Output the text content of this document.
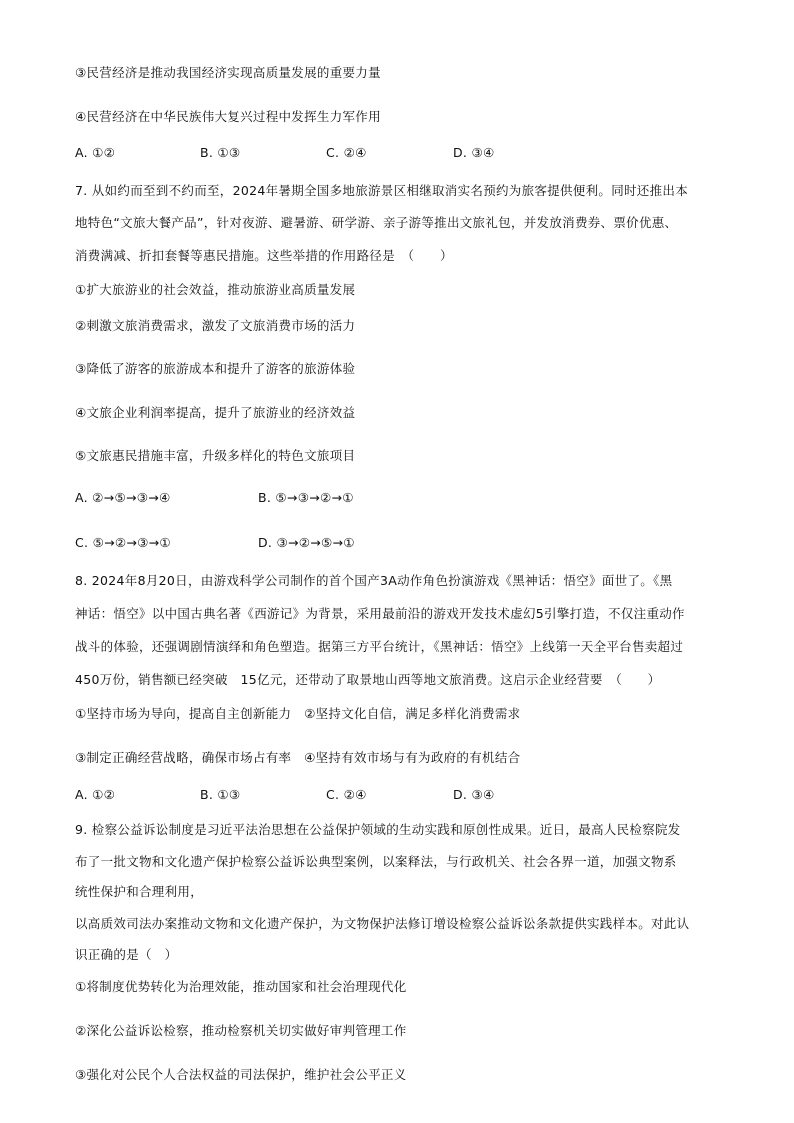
③民营经济是推动我国经济实现高质量发展的重要力量
④民营经济在中华民族伟大复兴过程中发挥生力军作用
A. ①②	B. ①③	C. ②④	D. ③④
7. 从如约而至到不约而至，2024年暑期全国多地旅游景区相继取消实名预约为旅客提供便利。同时还推出本
地特色“文旅大餐产品”，针对夜游、避暑游、研学游、亲子游等推出文旅礼包，并发放消费券、票价优惠、
消费满减、折扣套餐等惠民措施。这些举措的作用路径是　（　　）
①扩大旅游业的社会效益，推动旅游业高质量发展
②刺激文旅消费需求，激发了文旅消费市场的活力
③降低了游客的旅游成本和提升了游客的旅游体验
④文旅企业利润率提高，提升了旅游业的经济效益
⑤文旅惠民措施丰富，升级多样化的特色文旅项目
A. ②→⑤→③→④	B. ⑤→③→②→①
C. ⑤→②→③→①	D. ③→②→⑤→①
8. 2024年8月20日，由游戏科学公司制作的首个国产3A动作角色扮演游戏《黑神话：悟空》面世了。《黑
神话：悟空》以中国古典名著《西游记》为背景，采用最前沿的游戏开发技术虚幻5引擎打造，不仅注重动作
战斗的体验，还强调剧情演绎和角色塑造。据第三方平台统计，《黑神话：悟空》上线第一天全平台售卖超过
450万份，销售额已经突破　15亿元，还带动了取景地山西等地文旅消费。这启示企业经营要　（　　）
①坚持市场为导向，提高自主创新能力　②坚持文化自信，满足多样化消费需求
③制定正确经营战略，确保市场占有率　④坚持有效市场与有为政府的有机结合
A. ①②	B. ①③	C. ②④	D. ③④
9. 检察公益诉讼制度是习近平法治思想在公益保护领域的生动实践和原创性成果。近日，最高人民检察院发
布了一批文物和文化遗产保护检察公益诉讼典型案例，以案释法，与行政机关、社会各界一道，加强文物系
统性保护和合理利用，
以高质效司法办案推动文物和文化遗产保护，为文物保护法修订增设检察公益诉讼条款提供实践样本。对此认
识正确的是（　）
①将制度优势转化为治理效能，推动国家和社会治理现代化
②深化公益诉讼检察，推动检察机关切实做好审判管理工作
③强化对公民个人合法权益的司法保护，维护社会公平正义
